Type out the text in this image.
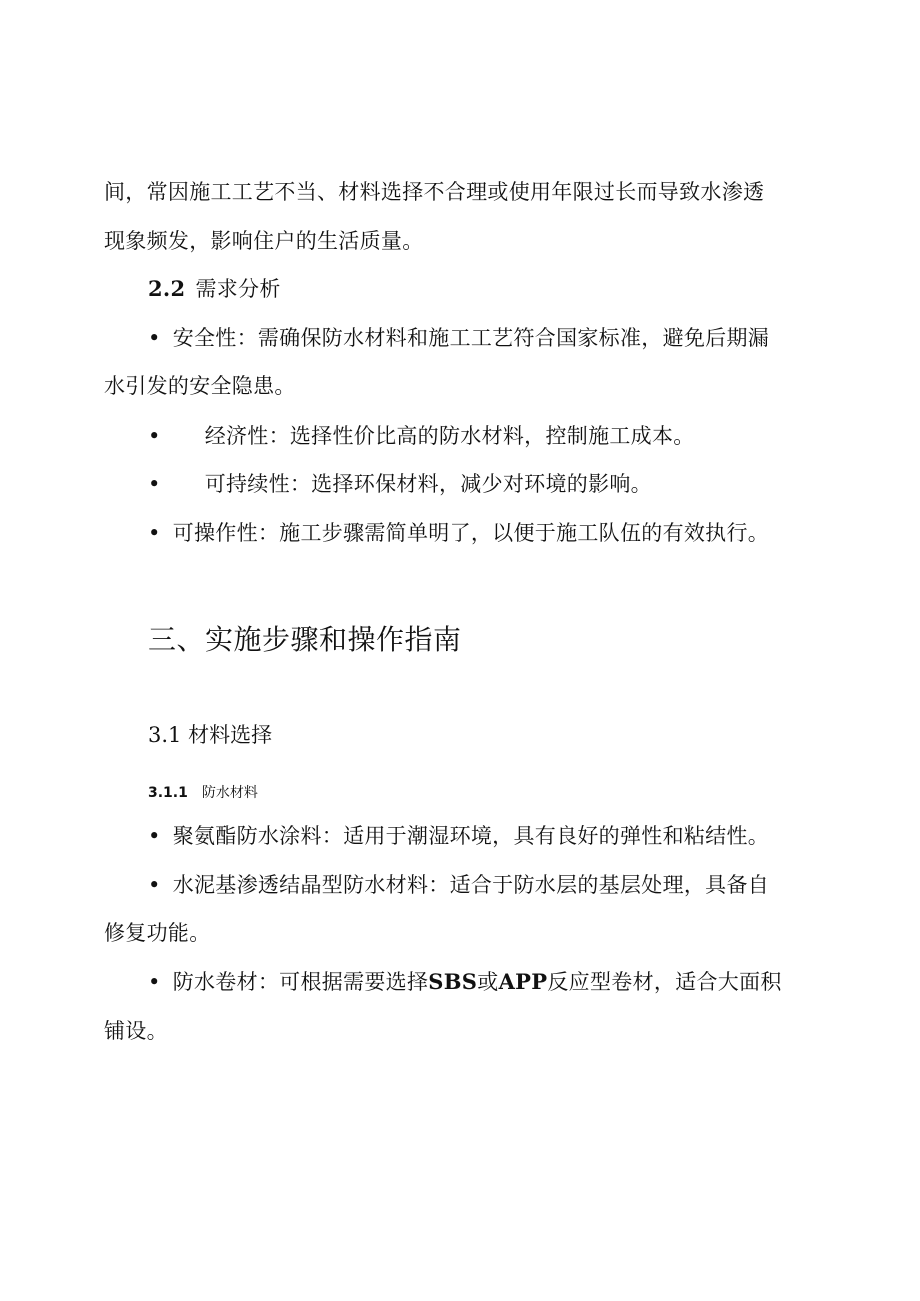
间，常因施工工艺不当、材料选择不合理或使用年限过长而导致水渗透
现象频发，影响住户的生活质量。
2.2 需求分析
• 安全性：需确保防水材料和施工工艺符合国家标准，避免后期漏
水引发的安全隐患。
• 经济性：选择性价比高的防水材料，控制施工成本。
• 可持续性：选择环保材料，减少对环境的影响。
• 可操作性：施工步骤需简单明了，以便于施工队伍的有效执行。
三、实施步骤和操作指南
3.1 材料选择
3.1.1 防水材料
• 聚氨酯防水涂料：适用于潮湿环境，具有良好的弹性和粘结性。
• 水泥基渗透结晶型防水材料：适合于防水层的基层处理，具备自
修复功能。
• 防水卷材：可根据需要选择SBS或APP反应型卷材，适合大面积
铺设。
